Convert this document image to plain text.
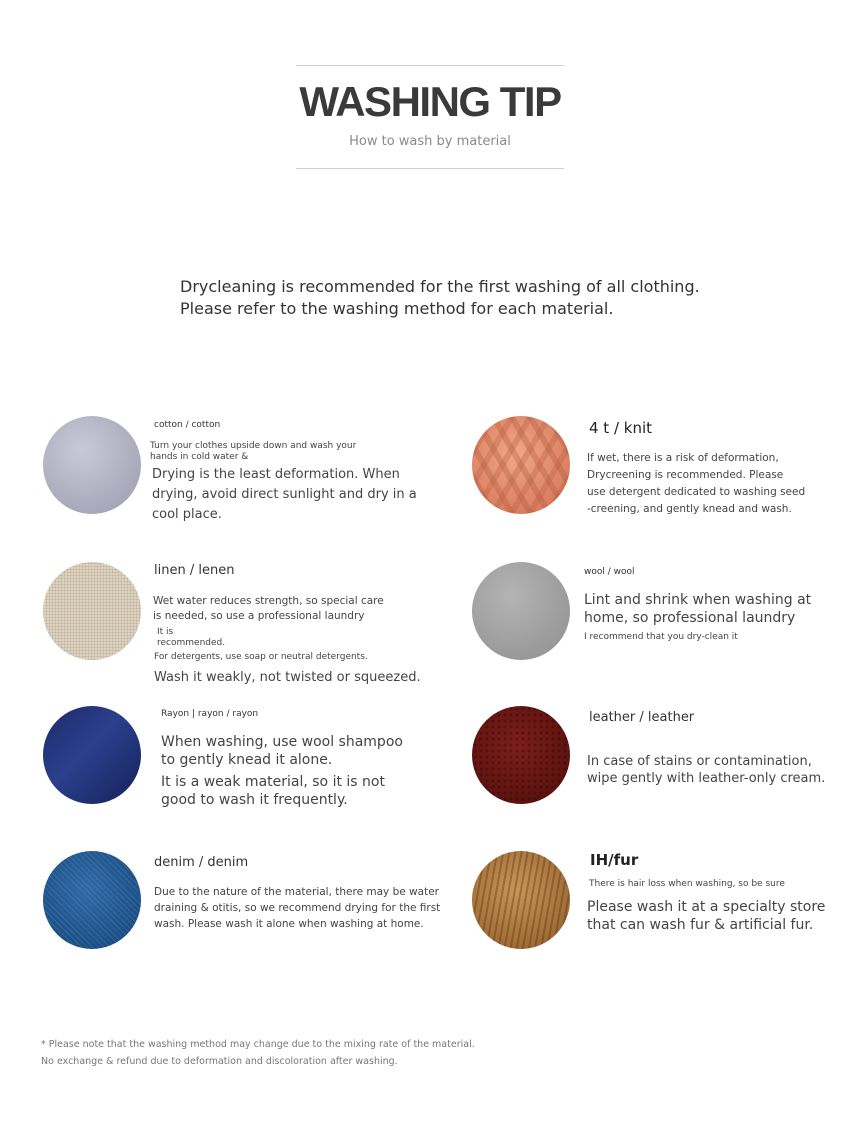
WASHING TIP
How to wash by material
Drycleaning is recommended for the first washing of all clothing.
Please refer to the washing method for each material.
cotton / cotton
Turn your clothes upside down and wash your
hands in cold water &
Drying is the least deformation. When
drying, avoid direct sunlight and dry in a
cool place.
4 t / knit
If wet, there is a risk of deformation,
Drycreening is recommended. Please
use detergent dedicated to washing seed
-creening, and gently knead and wash.
linen / lenen
Wet water reduces strength, so special care
is needed, so use a professional laundry
It is
recommended.
For detergents, use soap or neutral detergents.
Wash it weakly, not twisted or squeezed.
wool / wool
Lint and shrink when washing at
home, so professional laundry
I recommend that you dry-clean it
Rayon | rayon / rayon
When washing, use wool shampoo
to gently knead it alone.
It is a weak material, so it is not
good to wash it frequently.
leather / leather
In case of stains or contamination,
wipe gently with leather-only cream.
denim / denim
Due to the nature of the material, there may be water
draining & otitis, so we recommend drying for the first
wash. Please wash it alone when washing at home.
IH/fur
There is hair loss when washing, so be sure
Please wash it at a specialty store
that can wash fur & artificial fur.
* Please note that the washing method may change due to the mixing rate of the material.
No exchange & refund due to deformation and discoloration after washing.
